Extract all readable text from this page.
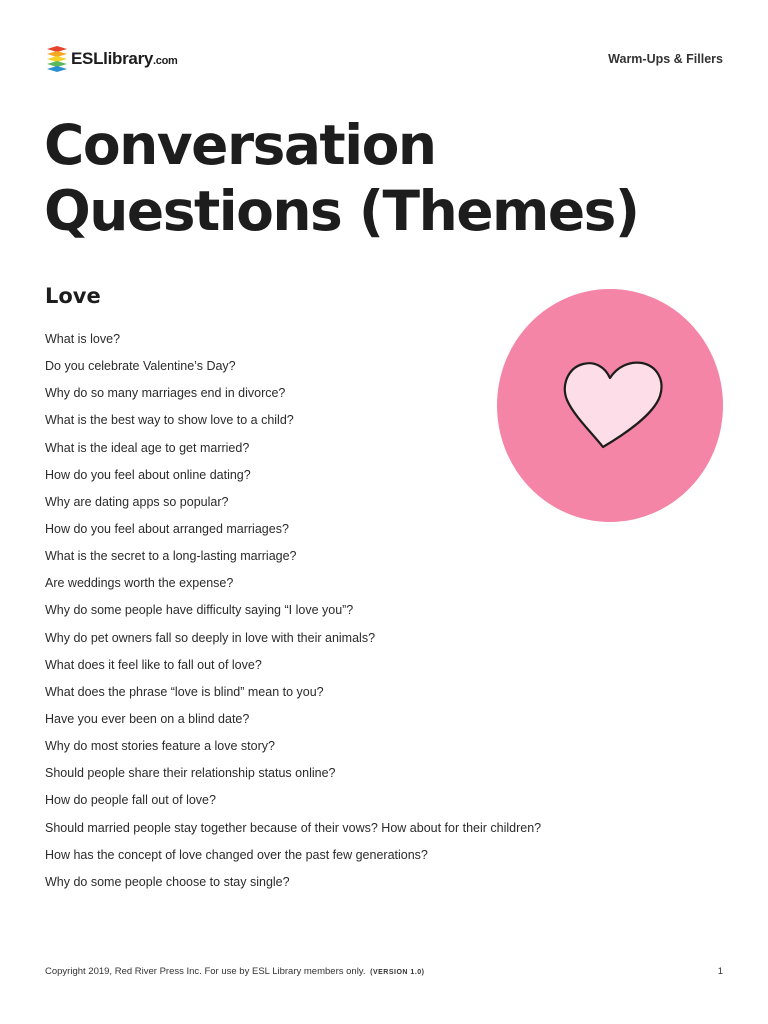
ESLlibrary.com	Warm-Ups & Fillers
Conversation
Questions (Themes)
Love
What is love?
Do you celebrate Valentine’s Day?
Why do so many marriages end in divorce?
What is the best way to show love to a child?
What is the ideal age to get married?
How do you feel about online dating?
Why are dating apps so popular?
How do you feel about arranged marriages?
What is the secret to a long-lasting marriage?
Are weddings worth the expense?
Why do some people have difficulty saying “I love you”?
Why do pet owners fall so deeply in love with their animals?
What does it feel like to fall out of love?
What does the phrase “love is blind” mean to you?
Have you ever been on a blind date?
Why do most stories feature a love story?
Should people share their relationship status online?
How do people fall out of love?
Should married people stay together because of their vows? How about for their children?
How has the concept of love changed over the past few generations?
Why do some people choose to stay single?
Copyright 2019, Red River Press Inc. For use by ESL Library members only. (VERSION 1.0)	1
